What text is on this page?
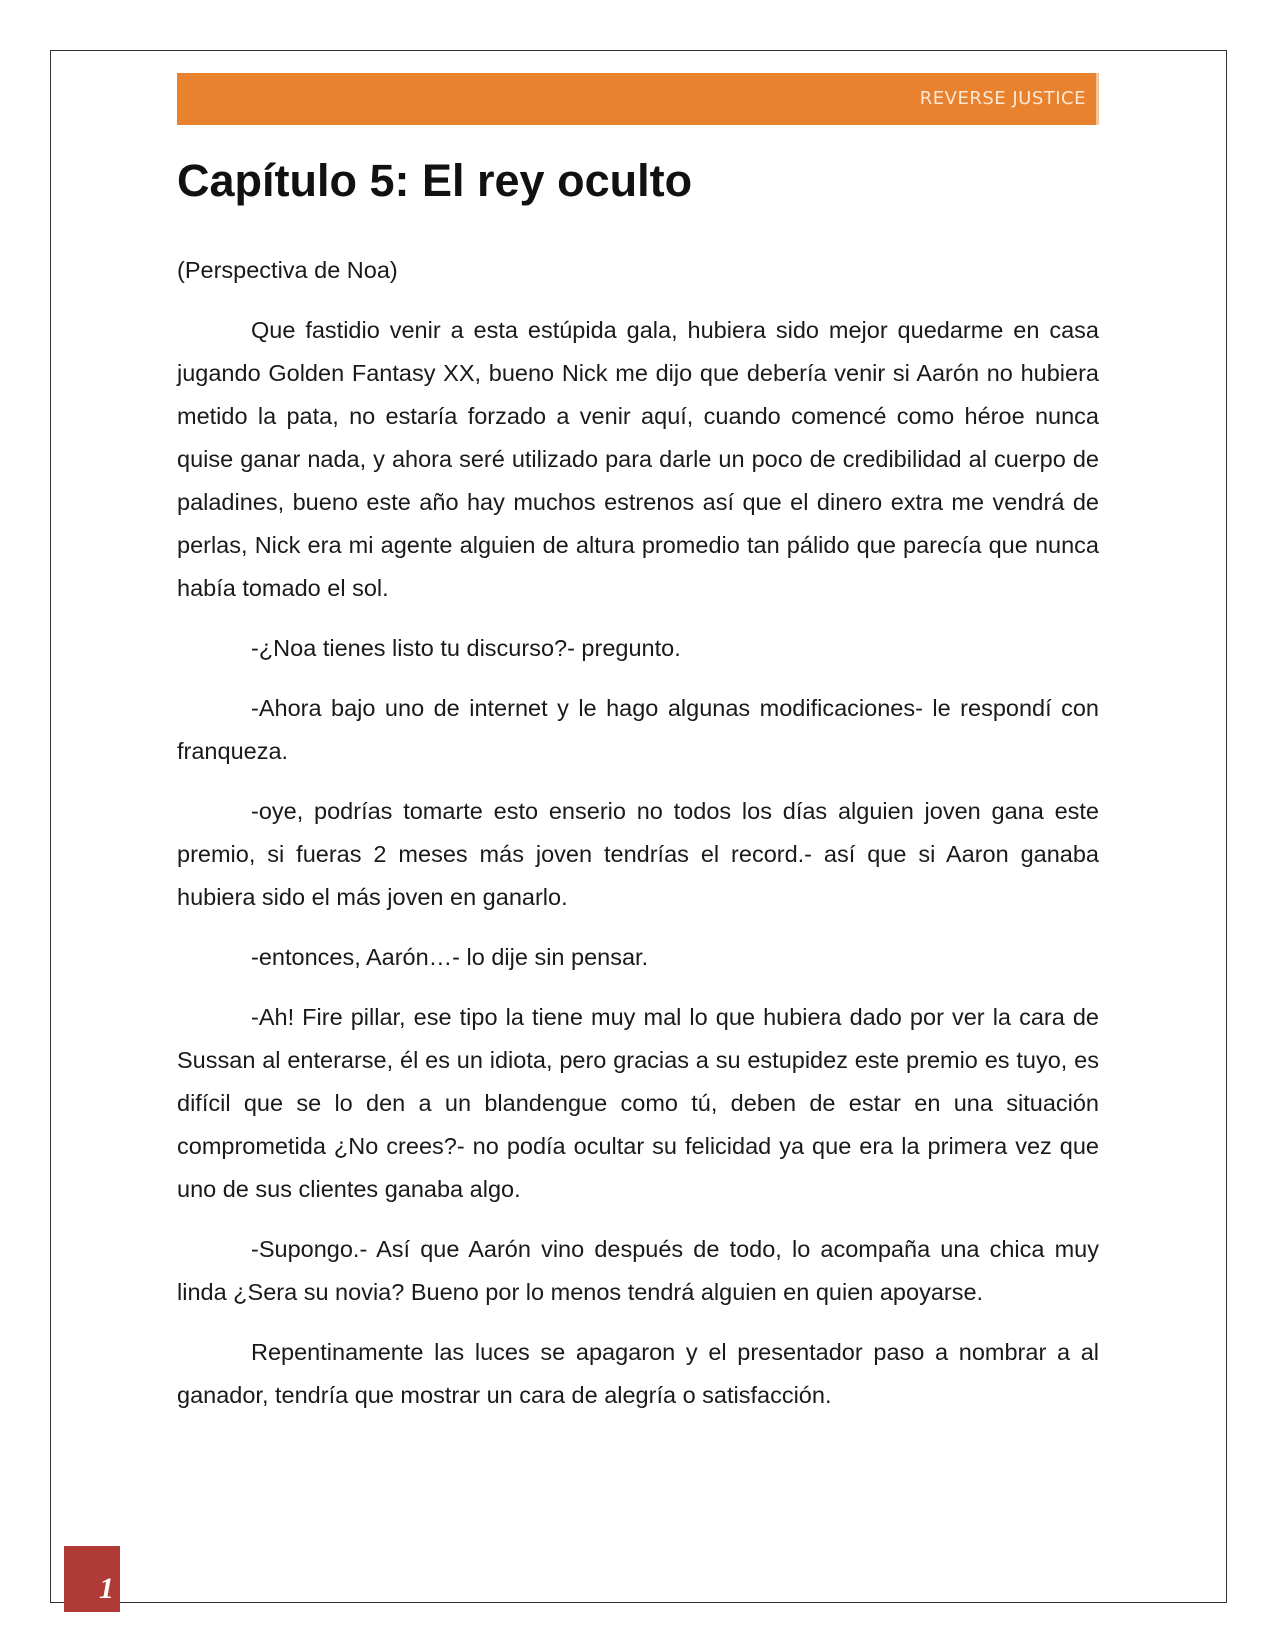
REVERSE JUSTICE
Capítulo 5: El rey oculto

(Perspectiva de Noa)

Que fastidio venir a esta estúpida gala, hubiera sido mejor quedarme en casa jugando Golden Fantasy XX, bueno Nick me dijo que debería venir si Aarón no hubiera metido la pata, no estaría forzado a venir aquí, cuando comencé como héroe nunca quise ganar nada, y ahora seré utilizado para darle un poco de credibilidad al cuerpo de paladines, bueno este año hay muchos estrenos así que el dinero extra me vendrá de perlas, Nick era mi agente alguien de altura promedio tan pálido que parecía que nunca había tomado el sol.

-¿Noa tienes listo tu discurso?- pregunto.

-Ahora bajo uno de internet y le hago algunas modificaciones- le respondí con franqueza.

-oye, podrías tomarte esto enserio no todos los días alguien joven gana este premio, si fueras 2 meses más joven tendrías el record.- así que si Aaron ganaba hubiera sido el más joven en ganarlo.

-entonces, Aarón…- lo dije sin pensar.

-Ah! Fire pillar, ese tipo la tiene muy mal lo que hubiera dado por ver la cara de Sussan al enterarse, él es un idiota, pero gracias a su estupidez este premio es tuyo, es difícil que se lo den a un blandengue como tú, deben de estar en una situación comprometida ¿No crees?- no podía ocultar su felicidad ya que era la primera vez que uno de sus clientes ganaba algo.

-Supongo.- Así que Aarón vino después de todo, lo acompaña una chica muy linda ¿Sera su novia? Bueno por lo menos tendrá alguien en quien apoyarse.

Repentinamente las luces se apagaron y el presentador paso a nombrar a al ganador, tendría que mostrar un cara de alegría o satisfacción.

1
